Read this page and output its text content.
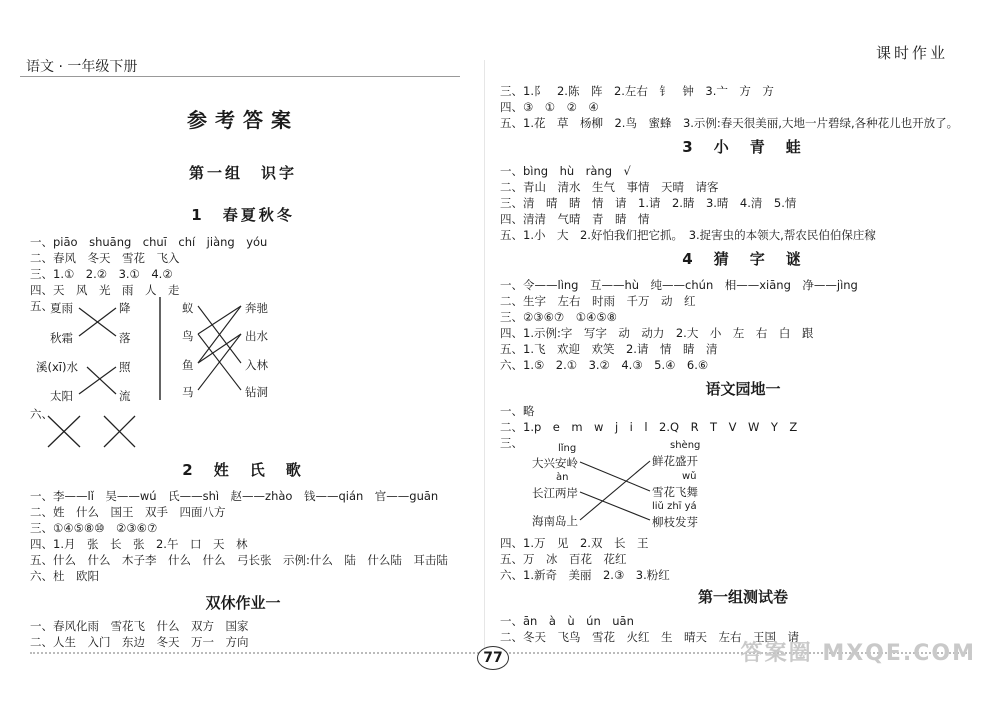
语文 · 一年级下册
参考答案
第一组　识字
1　春夏秋冬
一、piāo　shuāng　chuī　chí　jiàng　yóu
二、春风　冬天　雪花　飞入
三、1.①　2.②　3.①　4.②
四、天　风　光　雨　人　走
五、
夏雨
秋霜
溪(xī)水
太阳
降
落
照
流
蚁
鸟
鱼
马
奔驰
出水
入林
钻洞
六、
2　姓　氏　歌
一、李——lǐ　吴——wú　氏——shì　赵——zhào　钱——qián　官——guān
二、姓　什么　国王　双手　四面八方
三、①④⑤⑧⑩　②③⑥⑦
四、1.月　张　长　张　2.午　口　天　林
五、什么　什么　木子李　什么　什么　弓长张　示例:什么　陆　什么陆　耳击陆
六、杜　欧阳
双休作业一
一、春风化雨　雪花飞　什么　双方　国家
二、人生　入门　东边　冬天　万一　方向
课时作业
三、1.阝　2.陈　阵　2.左右　钅　钟　3.亠　方　方
四、③　①　②　④
五、1.花　草　杨柳　2.鸟　蜜蜂　3.示例:春天很美丽,大地一片碧绿,各种花儿也开放了。
3　小　青　蛙
一、bìng　hù　ràng　√
二、青山　清水　生气　事情　天晴　请客
三、清　晴　睛　情　请　1.请　2.睛　3.晴　4.清　5.情
四、清清　气晴　青　睛　情
五、1.小　大　2.好怕我们把它抓。　3.捉害虫的本领大,帮农民伯伯保庄稼
4　猜　字　谜
一、令——lìng　互——hù　纯——chún　相——xiāng　净——jìng
二、生字　左右　时雨　千万　动　红
三、②③⑥⑦　①④⑤⑧
四、1.示例:字　写字　动　动力　2.大　小　左　右　白　跟
五、1.飞　欢迎　欢笑　2.请　情　睛　清
六、1.⑤　2.①　3.②　4.③　5.④　6.⑥
语文园地一
一、略
二、1.p　e　m　w　j　i　l　2.Q　R　T　V　W　Y　Z
三、	lǐng
大兴安岭
àn
长江两岸
海南岛上
shèng
鲜花盛开
wǔ
雪花飞舞
liǔ zhī yá
柳枝发芽
四、1.万　见　2.双　长　王
五、万　冰　百花　花红
六、1.新奇　美丽　2.③　3.粉红
第一组测试卷
一、ān　à　ù　ún　uān
二、冬天　飞鸟　雪花　火红　生　晴天　左右　王国　请
77	答案圈 MXQE.COM
